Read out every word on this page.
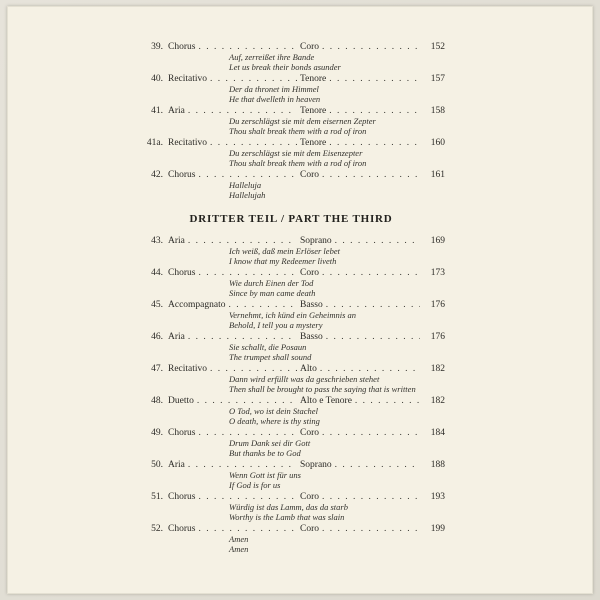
39. Chorus . . .	Coro . . .	152
Auf, zerreißet ihre Bande
Let us break their bonds asunder
40. Recitativo . . .	Tenore . . .	157
Der da thronet im Himmel
He that dwelleth in heaven
41. Aria . . .	Tenore . . .	158
Du zerschlägst sie mit dem eisernen Zepter
Thou shalt break them with a rod of iron
41a. Recitativo . . .	Tenore . . .	160
Du zerschlägst sie mit dem Eisenzepter
Thou shalt break them with a rod of iron
42. Chorus . . .	Coro . . .	161
Halleluja
Hallelujah
DRITTER TEIL / PART THE THIRD
43. Aria . . .	Soprano . . .	169
Ich weiß, daß mein Erlöser lebet
I know that my Redeemer liveth
44. Chorus . . .	Coro . . .	173
Wie durch Einen der Tod
Since by man came death
45. Accompagnato . . .	Basso . . .	176
Vernehmt, ich künd ein Geheimnis an
Behold, I tell you a mystery
46. Aria . . .	Basso . . .	176
Sie schallt, die Posaun
The trumpet shall sound
47. Recitativo . . .	Alto . . .	182
Dann wird erfüllt was da geschrieben stehet
Then shall be brought to pass the saying that is written
48. Duetto . . .	Alto e Tenore . . .	182
O Tod, wo ist dein Stachel
O death, where is thy sting
49. Chorus . . .	Coro . . .	184
Drum Dank sei dir Gott
But thanks be to God
50. Aria . . .	Soprano . . .	188
Wenn Gott ist für uns
If God is for us
51. Chorus . . .	Coro . . .	193
Würdig ist das Lamm, das da starb
Worthy is the Lamb that was slain
52. Chorus . . .	Coro . . .	199
Amen
Amen
